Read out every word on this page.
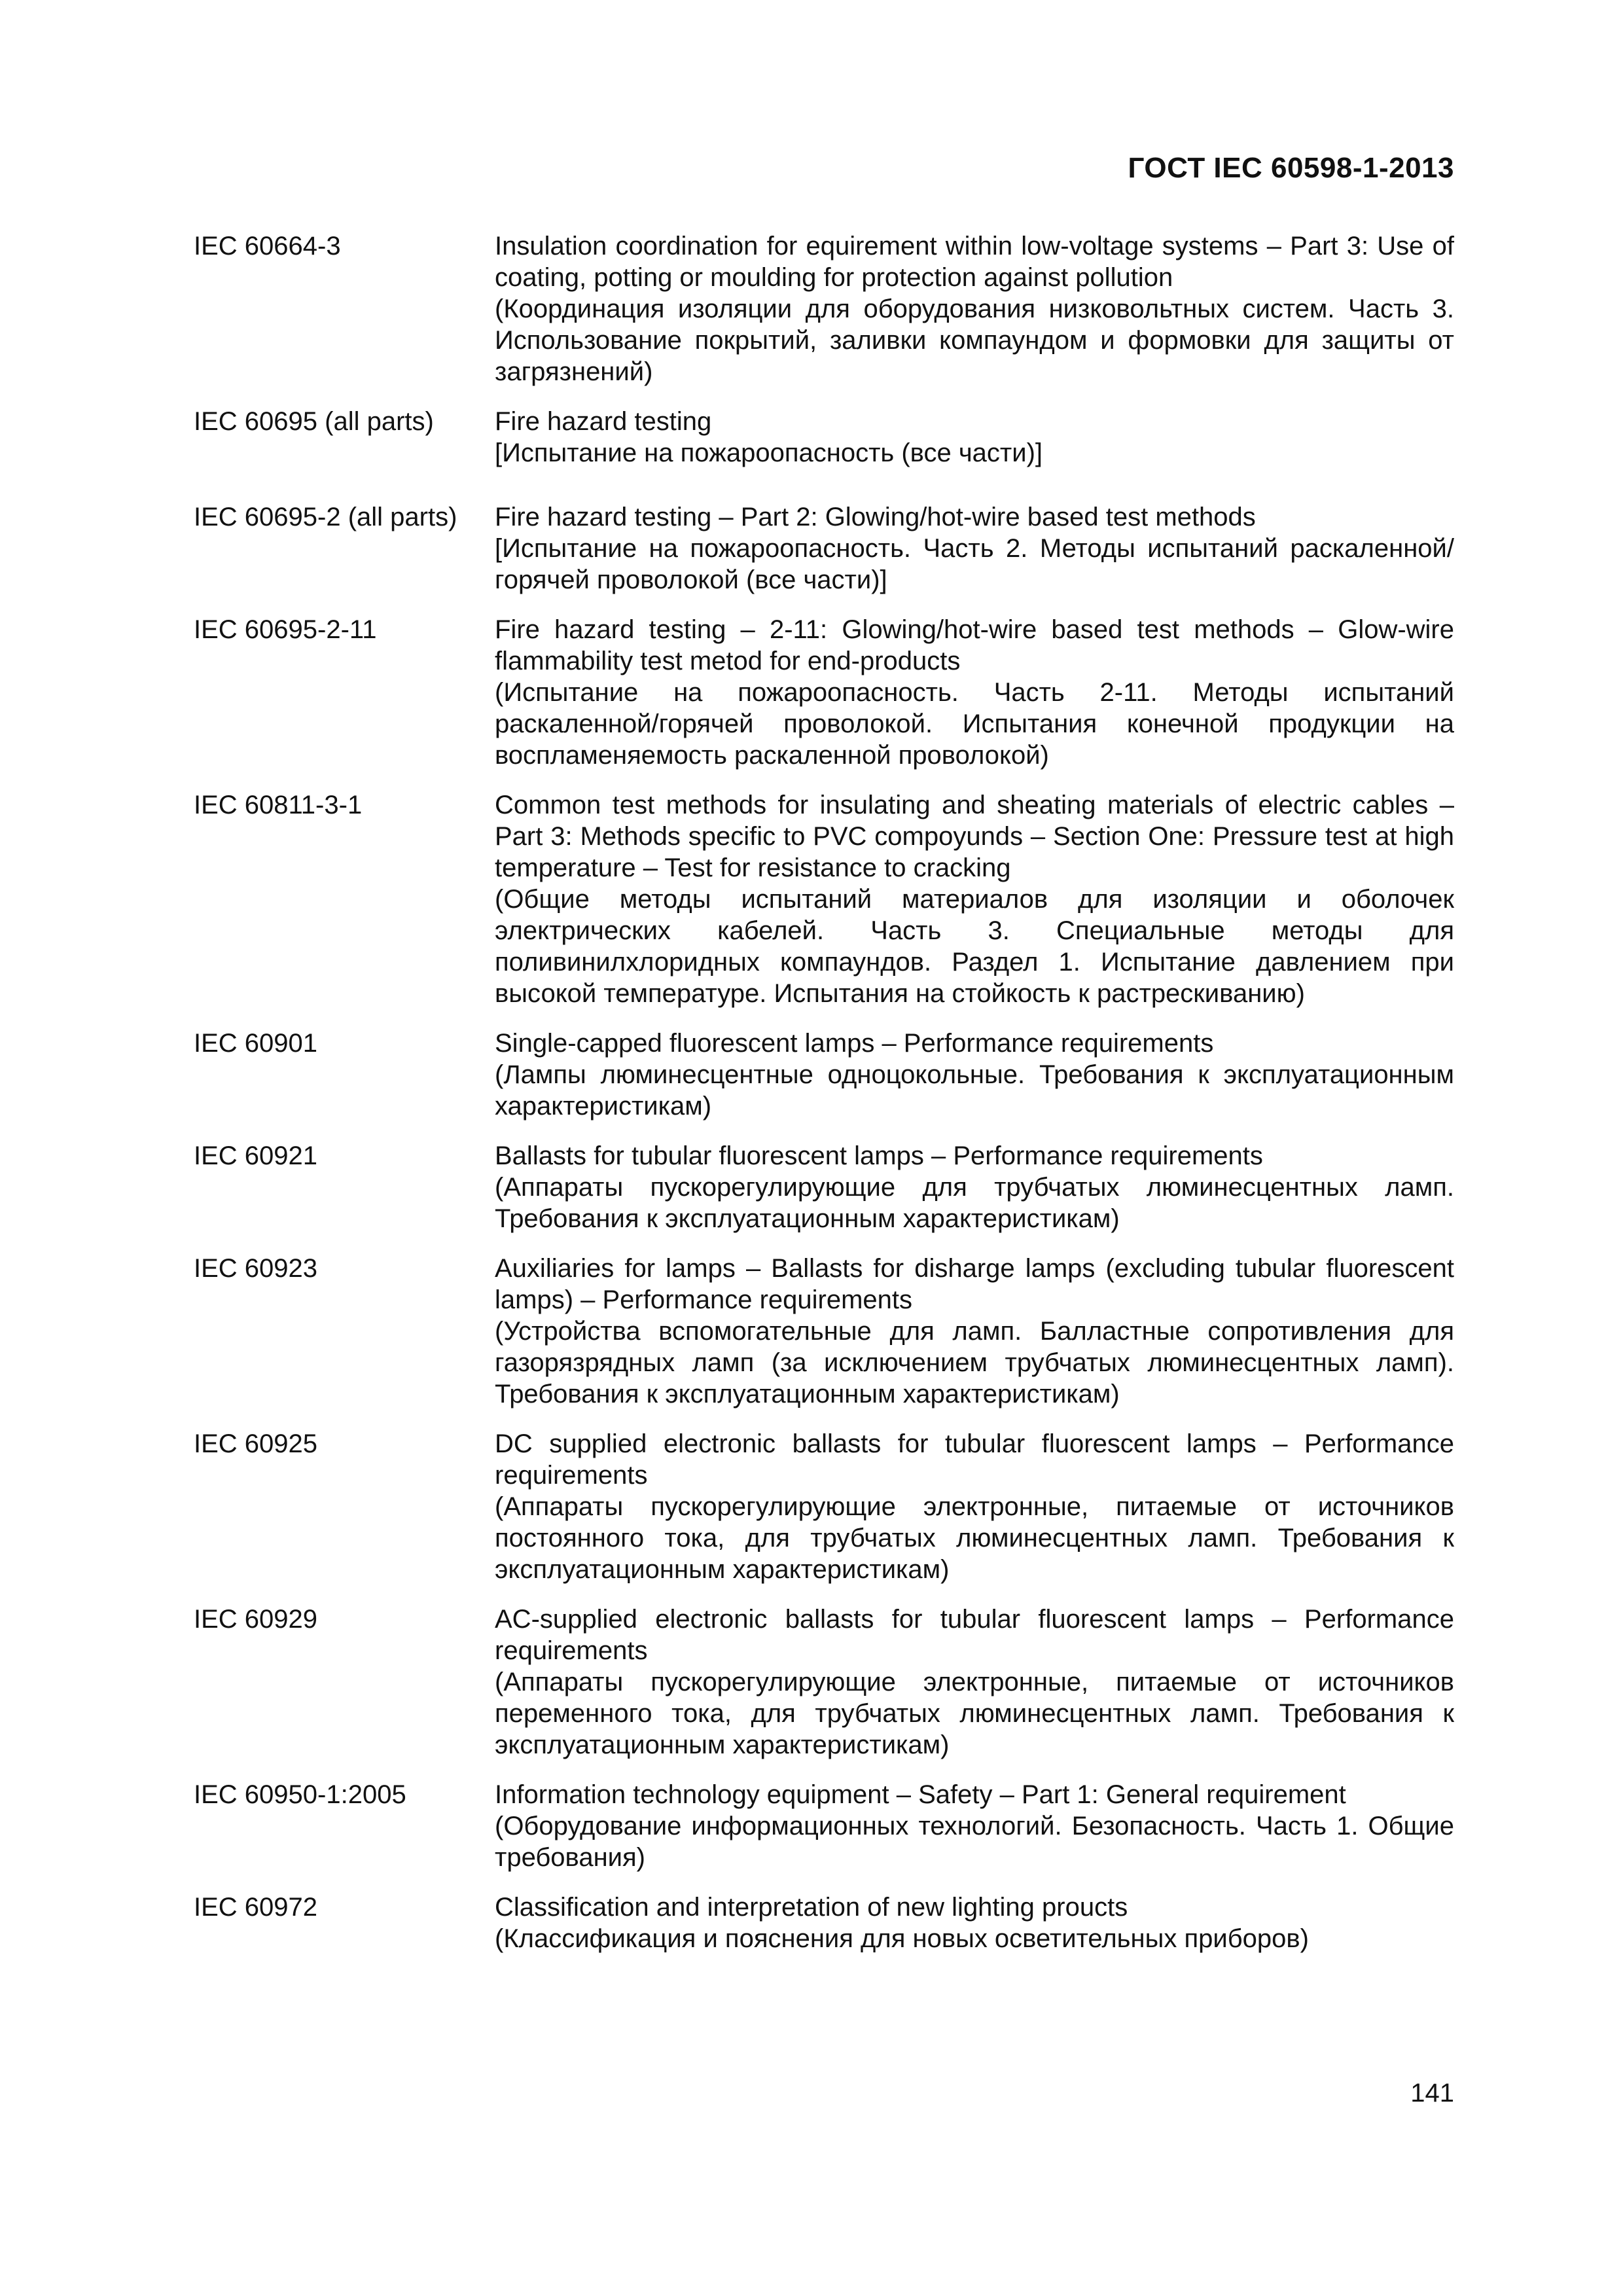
ГОСТ IEC 60598-1-2013
IEC 60664-3	Insulation coordination for equirement within low-voltage systems – Part 3: Use of coating, potting or moulding for protection against pollution
(Координация изоляции для оборудования низковольтных систем. Часть 3. Использование покрытий, заливки компаундом и формовки для защиты от загрязнений)
IEC 60695 (all parts)	Fire hazard testing
[Испытание на пожароопасность (все части)]
IEC 60695-2 (all parts)	Fire hazard testing – Part 2: Glowing/hot-wire based test methods
[Испытание на пожароопасность. Часть 2. Методы испытаний раскаленной/горячей проволокой (все части)]
IEC 60695-2-11	Fire hazard testing – 2-11: Glowing/hot-wire based test methods – Glow-wire flammability test metod for end-products
(Испытание на пожароопасность. Часть 2-11. Методы испытаний раскаленной/горячей проволокой. Испытания конечной продукции на воспламеняемость раскаленной проволокой)
IEC 60811-3-1	Common test methods for insulating and sheating materials of electric cables – Part 3: Methods specific to PVC compoyunds – Section One: Pressure test at high temperature – Test for resistance to cracking
(Общие методы испытаний материалов для изоляции и оболочек электрических кабелей. Часть 3. Специальные методы для поливинилхлоридных компаундов. Раздел 1. Испытание давлением при высокой температуре. Испытания на стойкость к растрескиванию)
IEC 60901	Single-capped fluorescent lamps – Performance requirements
(Лампы люминесцентные одноцокольные. Требования к эксплуатационным характеристикам)
IEC 60921	Ballasts for tubular fluorescent lamps – Performance requirements
(Аппараты пускорегулирующие для трубчатых люминесцентных ламп. Требования к эксплуатационным характеристикам)
IEC 60923	Auxiliaries for lamps – Ballasts for disharge lamps (excluding tubular fluorescent lamps) – Performance requirements
(Устройства вспомогательные для ламп. Балластные сопротивления для газорязрядных ламп (за исключением трубчатых люминесцентных ламп). Требования к эксплуатационным характеристикам)
IEC 60925	DC supplied electronic ballasts for tubular fluorescent lamps – Performance requirements
(Аппараты пускорегулирующие электронные, питаемые от источников постоянного тока, для трубчатых люминесцентных ламп. Требования к эксплуатационным характеристикам)
IEC 60929	AC-supplied electronic ballasts for tubular fluorescent lamps – Performance requirements
(Аппараты пускорегулирующие электронные, питаемые от источников переменного тока, для трубчатых люминесцентных ламп. Требования к эксплуатационным характеристикам)
IEC 60950-1:2005	Information technology equipment – Safety – Part 1: General requirement
(Оборудование информационных технологий. Безопасность. Часть 1. Общие требования)
IEC 60972	Classification and interpretation of new lighting proucts
(Классификация и пояснения для новых осветительных приборов)
141
